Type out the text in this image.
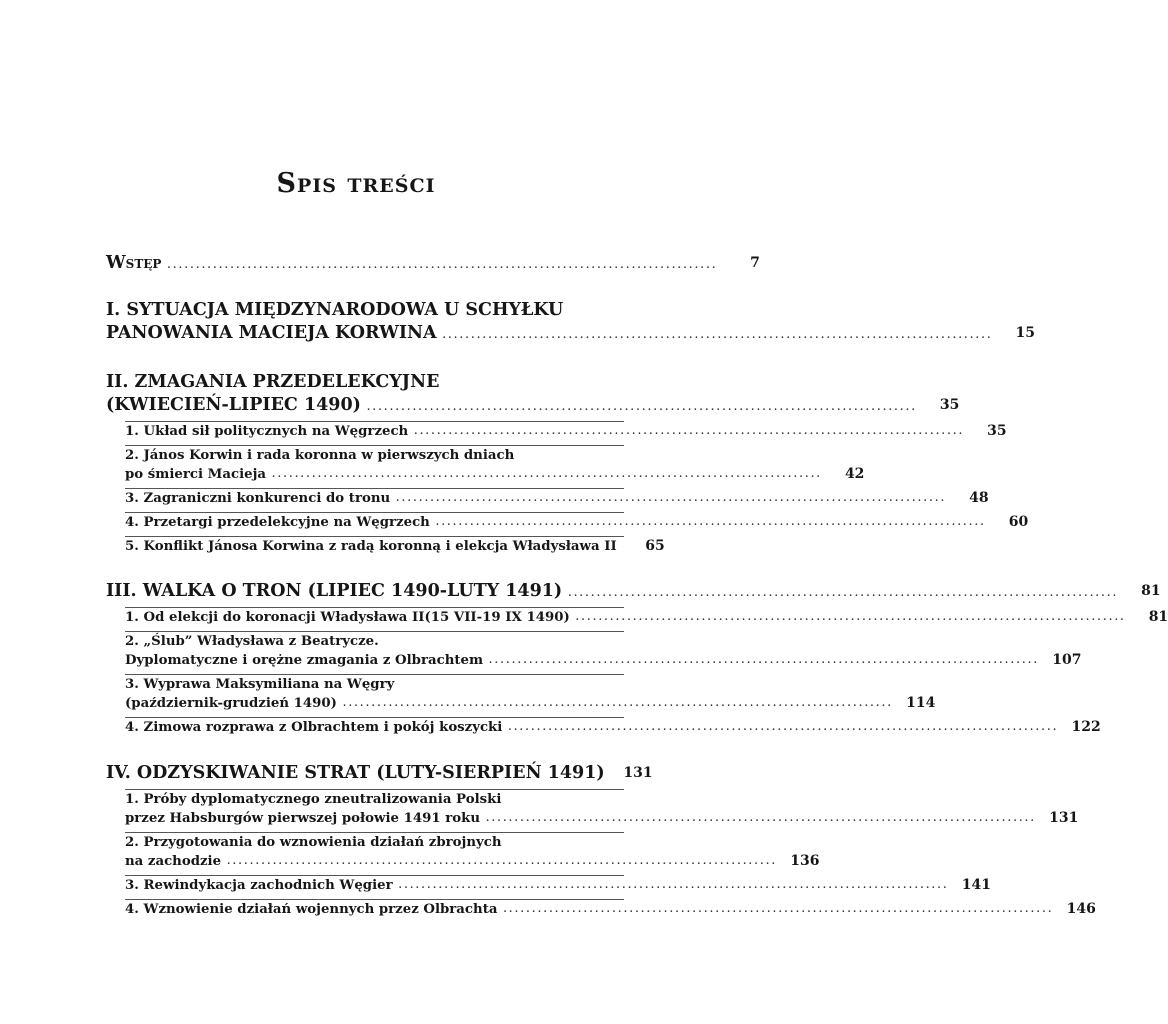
Spis treści
Wstęp ................................................................................................	7
I. SYTUACJA MIĘDZYNARODOWA U SCHYŁKU
PANOWANIA MACIEJA KORWINA ................................................................................................	15
II. ZMAGANIA PRZEDELEKCYJNE
(KWIECIEŃ-LIPIEC 1490) ................................................................................................	35
1. Układ sił politycznych na Węgrzech ................................................................................................	35
2. János Korwin i rada koronna w pierwszych dniach
po śmierci Macieja ................................................................................................	42
3. Zagraniczni konkurenci do tronu ................................................................................................	48
4. Przetargi przedelekcyjne na Węgrzech ................................................................................................	60
5. Konflikt Jánosa Korwina z radą koronną i elekcja Władysława II	65
III. WALKA O TRON (LIPIEC 1490-LUTY 1491) ................................................................................................	81
1. Od elekcji do koronacji Władysława II(15 VII-19 IX 1490) ................................................................................................	81
2. „Ślub” Władysława z Beatrycze.
Dyplomatyczne i orężne zmagania z Olbrachtem ................................................................................................ 107
3. Wyprawa Maksymiliana na Węgry
(październik-grudzień 1490) ................................................................................................ 114
4. Zimowa rozprawa z Olbrachtem i pokój koszycki ................................................................................................ 122
IV. ODZYSKIWANIE STRAT (LUTY-SIERPIEŃ 1491)	131
1. Próby dyplomatycznego zneutralizowania Polski
przez Habsburgów pierwszej połowie 1491 roku ................................................................................................ 131
2. Przygotowania do wznowienia działań zbrojnych
na zachodzie ................................................................................................ 136
3. Rewindykacja zachodnich Węgier ................................................................................................ 141
4. Wznowienie działań wojennych przez Olbrachta ................................................................................................ 146
